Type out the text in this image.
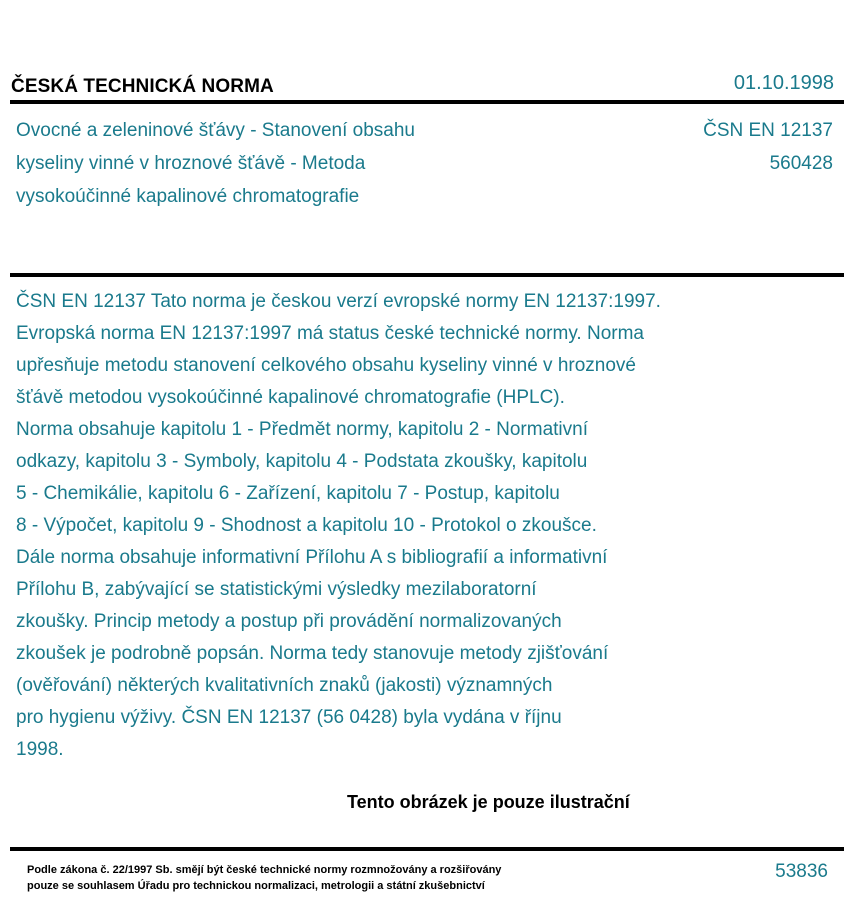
ČESKÁ TECHNICKÁ NORMA	01.10.1998
Ovocné a zeleninové šťávy - Stanovení obsahu
kyseliny vinné v hroznové šťávě - Metoda
vysokoúčinné kapalinové chromatografie
ČSN EN 12137
560428
ČSN EN 12137 Tato norma je českou verzí evropské normy EN 12137:1997.
Evropská norma EN 12137:1997 má status české technické normy. Norma
upřesňuje metodu stanovení celkového obsahu kyseliny vinné v hroznové
šťávě metodou vysokoúčinné kapalinové chromatografie (HPLC).
Norma obsahuje kapitolu 1 - Předmět normy, kapitolu 2 - Normativní
odkazy, kapitolu 3 - Symboly, kapitolu 4 - Podstata zkoušky, kapitolu
5 - Chemikálie, kapitolu 6 - Zařízení, kapitolu 7 - Postup, kapitolu
8 - Výpočet, kapitolu 9 - Shodnost a kapitolu 10 - Protokol o zkoušce.
Dále norma obsahuje informativní Přílohu A s bibliografií a informativní
Přílohu B, zabývající se statistickými výsledky mezilaboratorní
zkoušky. Princip metody a postup při provádění normalizovaných
zkoušek je podrobně popsán. Norma tedy stanovuje metody zjišťování
(ověřování) některých kvalitativních znaků (jakosti) významných
pro hygienu výživy. ČSN EN 12137 (56 0428) byla vydána v říjnu
1998.
Tento obrázek je pouze ilustrační
Podle zákona č. 22/1997 Sb. smějí být české technické normy rozmnožovány a rozšiřovány
pouze se souhlasem Úřadu pro technickou normalizaci, metrologii a státní zkušebnictví
53836
